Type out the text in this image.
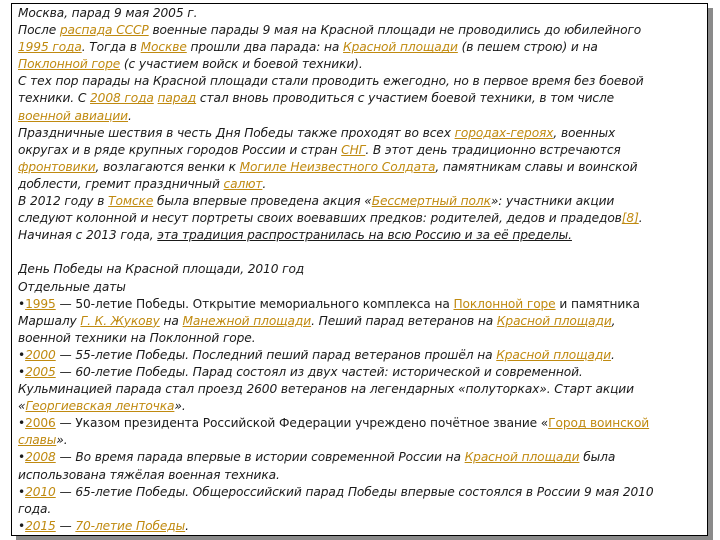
Москва, парад 9 мая 2005 г.
После распада СССР военные парады 9 мая на Красной площади не проводились до юбилейного
1995 года. Тогда в Москве прошли два парада: на Красной площади (в пешем строю) и на
Поклонной горе (с участием войск и боевой техники).
С тех пор парады на Красной площади стали проводить ежегодно, но в первое время без боевой
техники. С 2008 года парад стал вновь проводиться с участием боевой техники, в том числе
военной авиации.
Праздничные шествия в честь Дня Победы также проходят во всех городах-героях, военных
округах и в ряде крупных городов России и стран СНГ. В этот день традиционно встречаются
фронтовики, возлагаются венки к Могиле Неизвестного Солдата, памятникам славы и воинской
доблести, гремит праздничный салют.
В 2012 году в Томске была впервые проведена акция «Бессмертный полк»: участники акции
следуют колонной и несут портреты своих воевавших предков: родителей, дедов и прадедов[8].
Начиная с 2013 года, эта традиция распространилась на всю Россию и за её пределы.
День Победы на Красной площади, 2010 год
Отдельные даты
•1995 — 50-летие Победы. Открытие мемориального комплекса на Поклонной горе и памятника
Маршалу Г. К. Жукову на Манежной площади. Пеший парад ветеранов на Красной площади,
военной техники на Поклонной горе.
•2000 — 55-летие Победы. Последний пеший парад ветеранов прошёл на Красной площади.
•2005 — 60-летие Победы. Парад состоял из двух частей: исторической и современной.
Кульминацией парада стал проезд 2600 ветеранов на легендарных «полуторках». Старт акции
«Георгиевская ленточка».
•2006 — Указом президента Российской Федерации учреждено почётное звание «Город воинской
славы».
•2008 — Во время парада впервые в истории современной России на Красной площади была
использована тяжёлая военная техника.
•2010 — 65-летие Победы. Общероссийский парад Победы впервые состоялся в России 9 мая 2010
года.
•2015 — 70-летие Победы.
